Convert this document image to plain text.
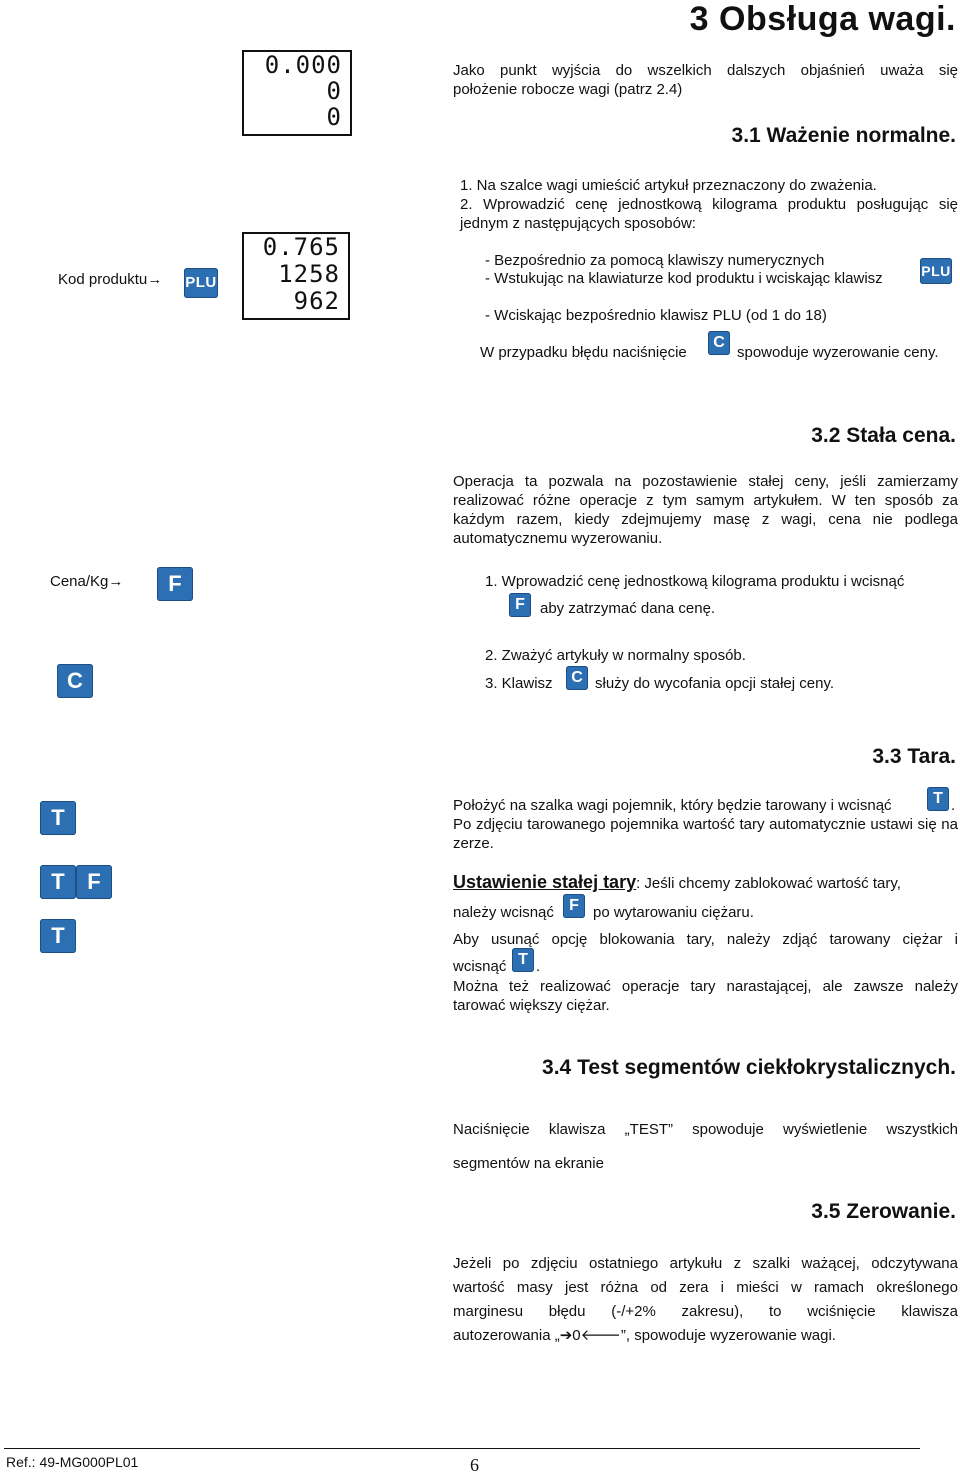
3 Obsługa wagi.
0.000
0
0
Jako punkt wyjścia do wszelkich dalszych objaśnień uważa się
położenie robocze wagi (patrz 2.4)
3.1 Ważenie normalne.
1. Na szalce wagi umieścić artykuł przeznaczony do zważenia.
2. Wprowadzić cenę jednostkową kilograma produktu posługując się jednym z następujących sposobów:
Kod produktu→ PLU
0.765
1258
962
- Bezpośrednio za pomocą klawiszy numerycznych
- Wstukując na klawiaturze kod produktu i wciskając klawisz	PLU
- Wciskając bezpośrednio klawisz PLU (od 1 do 18)
W przypadku błędu naciśnięcie
C
spowoduje wyzerowanie ceny.
3.2 Stała cena.
Operacja ta pozwala na pozostawienie stałej ceny, jeśli zamierzamy realizować różne operacje z tym samym artykułem. W ten sposób za każdym razem, kiedy zdejmujemy masę z wagi, cena nie podlega automatycznemu wyzerowaniu.
Cena/Kg→	F
C
1. Wprowadzić cenę jednostkową kilograma produktu i wcisnąć
F	aby zatrzymać dana cenę.
2. Zważyć artykuły w normalny sposób.
3. Klawisz	C służy do wycofania opcji stałej ceny.
3.3 Tara.
T
T	F
T
Położyć na szalka wagi pojemnik, który będzie tarowany i wcisnąć	T .
Po zdjęciu tarowanego pojemnika wartość tary automatycznie ustawi się na zerze.
Ustawienie stałej tary: Jeśli chcemy zablokować wartość tary,
należy wcisnąć F po wytarowaniu ciężaru.
Aby usunąć opcję blokowania tary, należy zdjąć tarowany ciężar i
wcisnąć T .
Można też realizować operacje tary narastającej, ale zawsze należy tarować większy ciężar.
3.4 Test segmentów ciekłokrystalicznych.
Naciśnięcie klawisza „TEST” spowoduje wyświetlenie wszystkich
segmentów na ekranie
3.5 Zerowanie.
Jeżeli po zdjęciu ostatniego artykułu z szalki ważącej, odczytywana
wartość masy jest różna od zera i mieści w ramach określonego
marginesu błędu (-/+2% zakresu), to wciśnięcie klawisza
autozerowania „➔0🡐”, spowoduje wyzerowanie wagi.
Ref.: 49-MG000PL01	6
